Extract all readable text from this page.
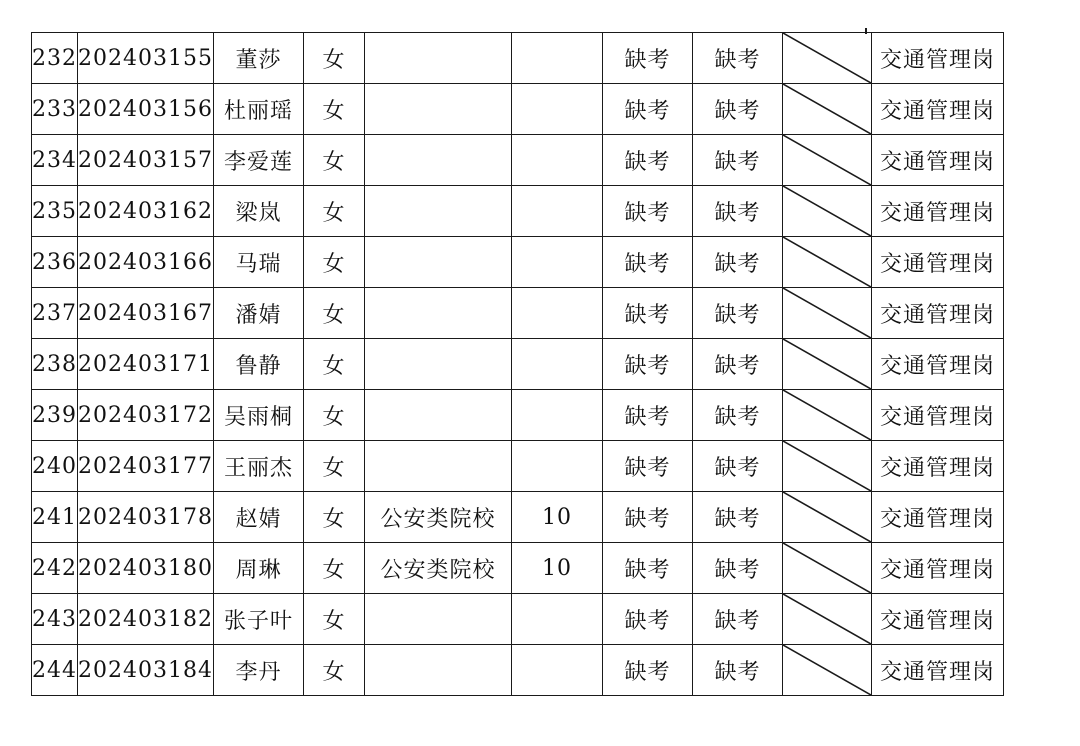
232	202403155	董莎	女			缺考	缺考		交通管理岗
233	202403156	杜丽瑶	女			缺考	缺考		交通管理岗
234	202403157	李爱莲	女			缺考	缺考		交通管理岗
235	202403162	梁岚	女			缺考	缺考		交通管理岗
236	202403166	马瑞	女			缺考	缺考		交通管理岗
237	202403167	潘婧	女			缺考	缺考		交通管理岗
238	202403171	鲁静	女			缺考	缺考		交通管理岗
239	202403172	吴雨桐	女			缺考	缺考		交通管理岗
240	202403177	王丽杰	女			缺考	缺考		交通管理岗
241	202403178	赵婧	女	公安类院校	10	缺考	缺考		交通管理岗
242	202403180	周琳	女	公安类院校	10	缺考	缺考		交通管理岗
243	202403182	张子叶	女			缺考	缺考		交通管理岗
244	202403184	李丹	女			缺考	缺考		交通管理岗
